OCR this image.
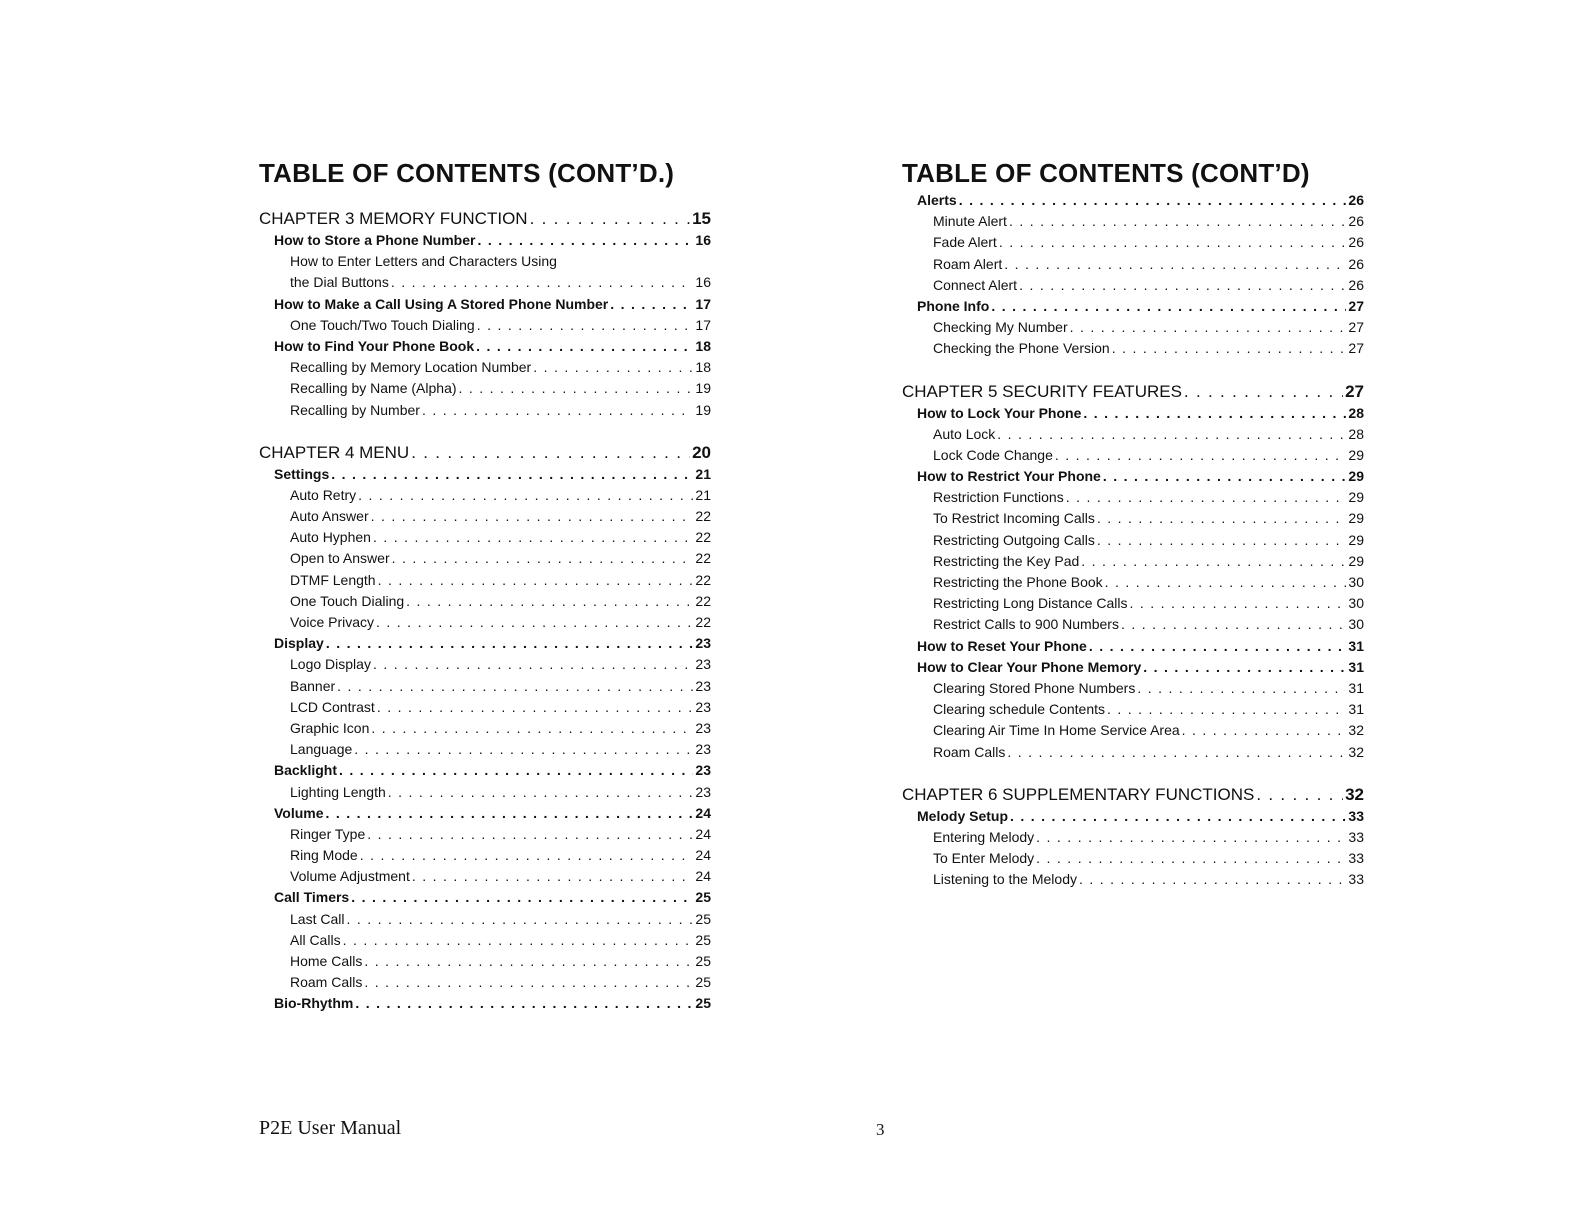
TABLE OF CONTENTS (CONT’D.)
CHAPTER 3 MEMORY FUNCTION . . .	15
How to Store a Phone Number . . .	16
How to Enter Letters and Characters Using
the Dial Buttons . . .	16
How to Make a Call Using A Stored Phone Number . . .	17
One Touch/Two Touch Dialing . . .	17
How to Find Your Phone Book . . .	18
Recalling by Memory Location Number . . .	18
Recalling by Name (Alpha) . . .	19
Recalling by Number . . .	19
CHAPTER 4 MENU . . .	20
Settings . . .	21
Auto Retry . . .	21
Auto Answer . . .	22
Auto Hyphen . . .	22
Open to Answer . . .	22
DTMF Length . . .	22
One Touch Dialing . . .	22
Voice Privacy . . .	22
Display . . .	23
Logo Display . . .	23
Banner . . .	23
LCD Contrast . . .	23
Graphic Icon . . .	23
Language . . .	23
Backlight . . .	23
Lighting Length . . .	23
Volume . . .	24
Ringer Type . . .	24
Ring Mode . . .	24
Volume Adjustment . . .	24
Call Timers . . .	25
Last Call . . .	25
All Calls . . .	25
Home Calls . . .	25
Roam Calls . . .	25
Bio-Rhythm . . .	25
TABLE OF CONTENTS (CONT’D)
Alerts . . .	26
Minute Alert . . .	26
Fade Alert . . .	26
Roam Alert . . .	26
Connect Alert . . .	26
Phone Info . . .	27
Checking My Number . . .	27
Checking the Phone Version . . .	27
CHAPTER 5 SECURITY FEATURES . . .	27
How to Lock Your Phone . . .	28
Auto Lock . . .	28
Lock Code Change . . .	29
How to Restrict Your Phone . . .	29
Restriction Functions . . .	29
To Restrict Incoming Calls . . .	29
Restricting Outgoing Calls . . .	29
Restricting the Key Pad . . .	29
Restricting the Phone Book . . .	30
Restricting Long Distance Calls . . .	30
Restrict Calls to 900 Numbers . . .	30
How to Reset Your Phone . . .	31
How to Clear Your Phone Memory . . .	31
Clearing Stored Phone Numbers . . .	31
Clearing schedule Contents . . .	31
Clearing Air Time In Home Service Area . . .	32
Roam Calls . . .	32
CHAPTER 6 SUPPLEMENTARY FUNCTIONS . . .	32
Melody Setup . . .	33
Entering Melody . . .	33
To Enter Melody . . .	33
Listening to the Melody . . .	33
P2E User Manual	3
